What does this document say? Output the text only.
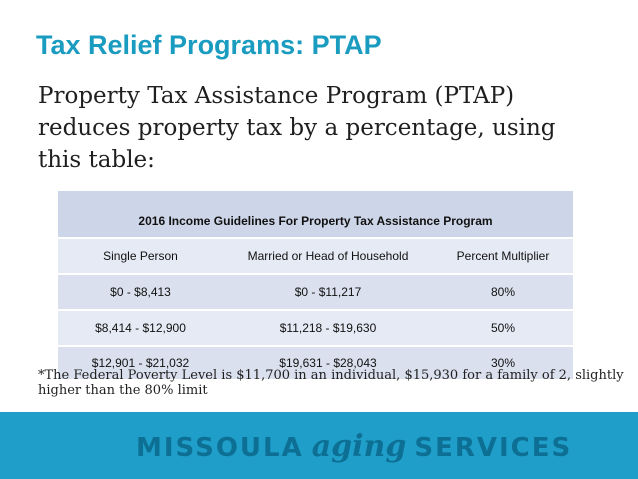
Tax Relief Programs: PTAP
Property Tax Assistance Program (PTAP) reduces property tax by a percentage, using this table:
2016 Income Guidelines For Property Tax Assistance Program		
Single Person	Married or Head of Household	Percent Multiplier
$0 - $8,413	$0 - $11,217	80%
$8,414 - $12,900	$11,218 - $19,630	50%
$12,901 - $21,032	$19,631 - $28,043	30%
*The Federal Poverty Level is $11,700 in an individual, $15,930 for a family of 2, slightly higher than the 80% limit
MISSOULA aging SERVICES
